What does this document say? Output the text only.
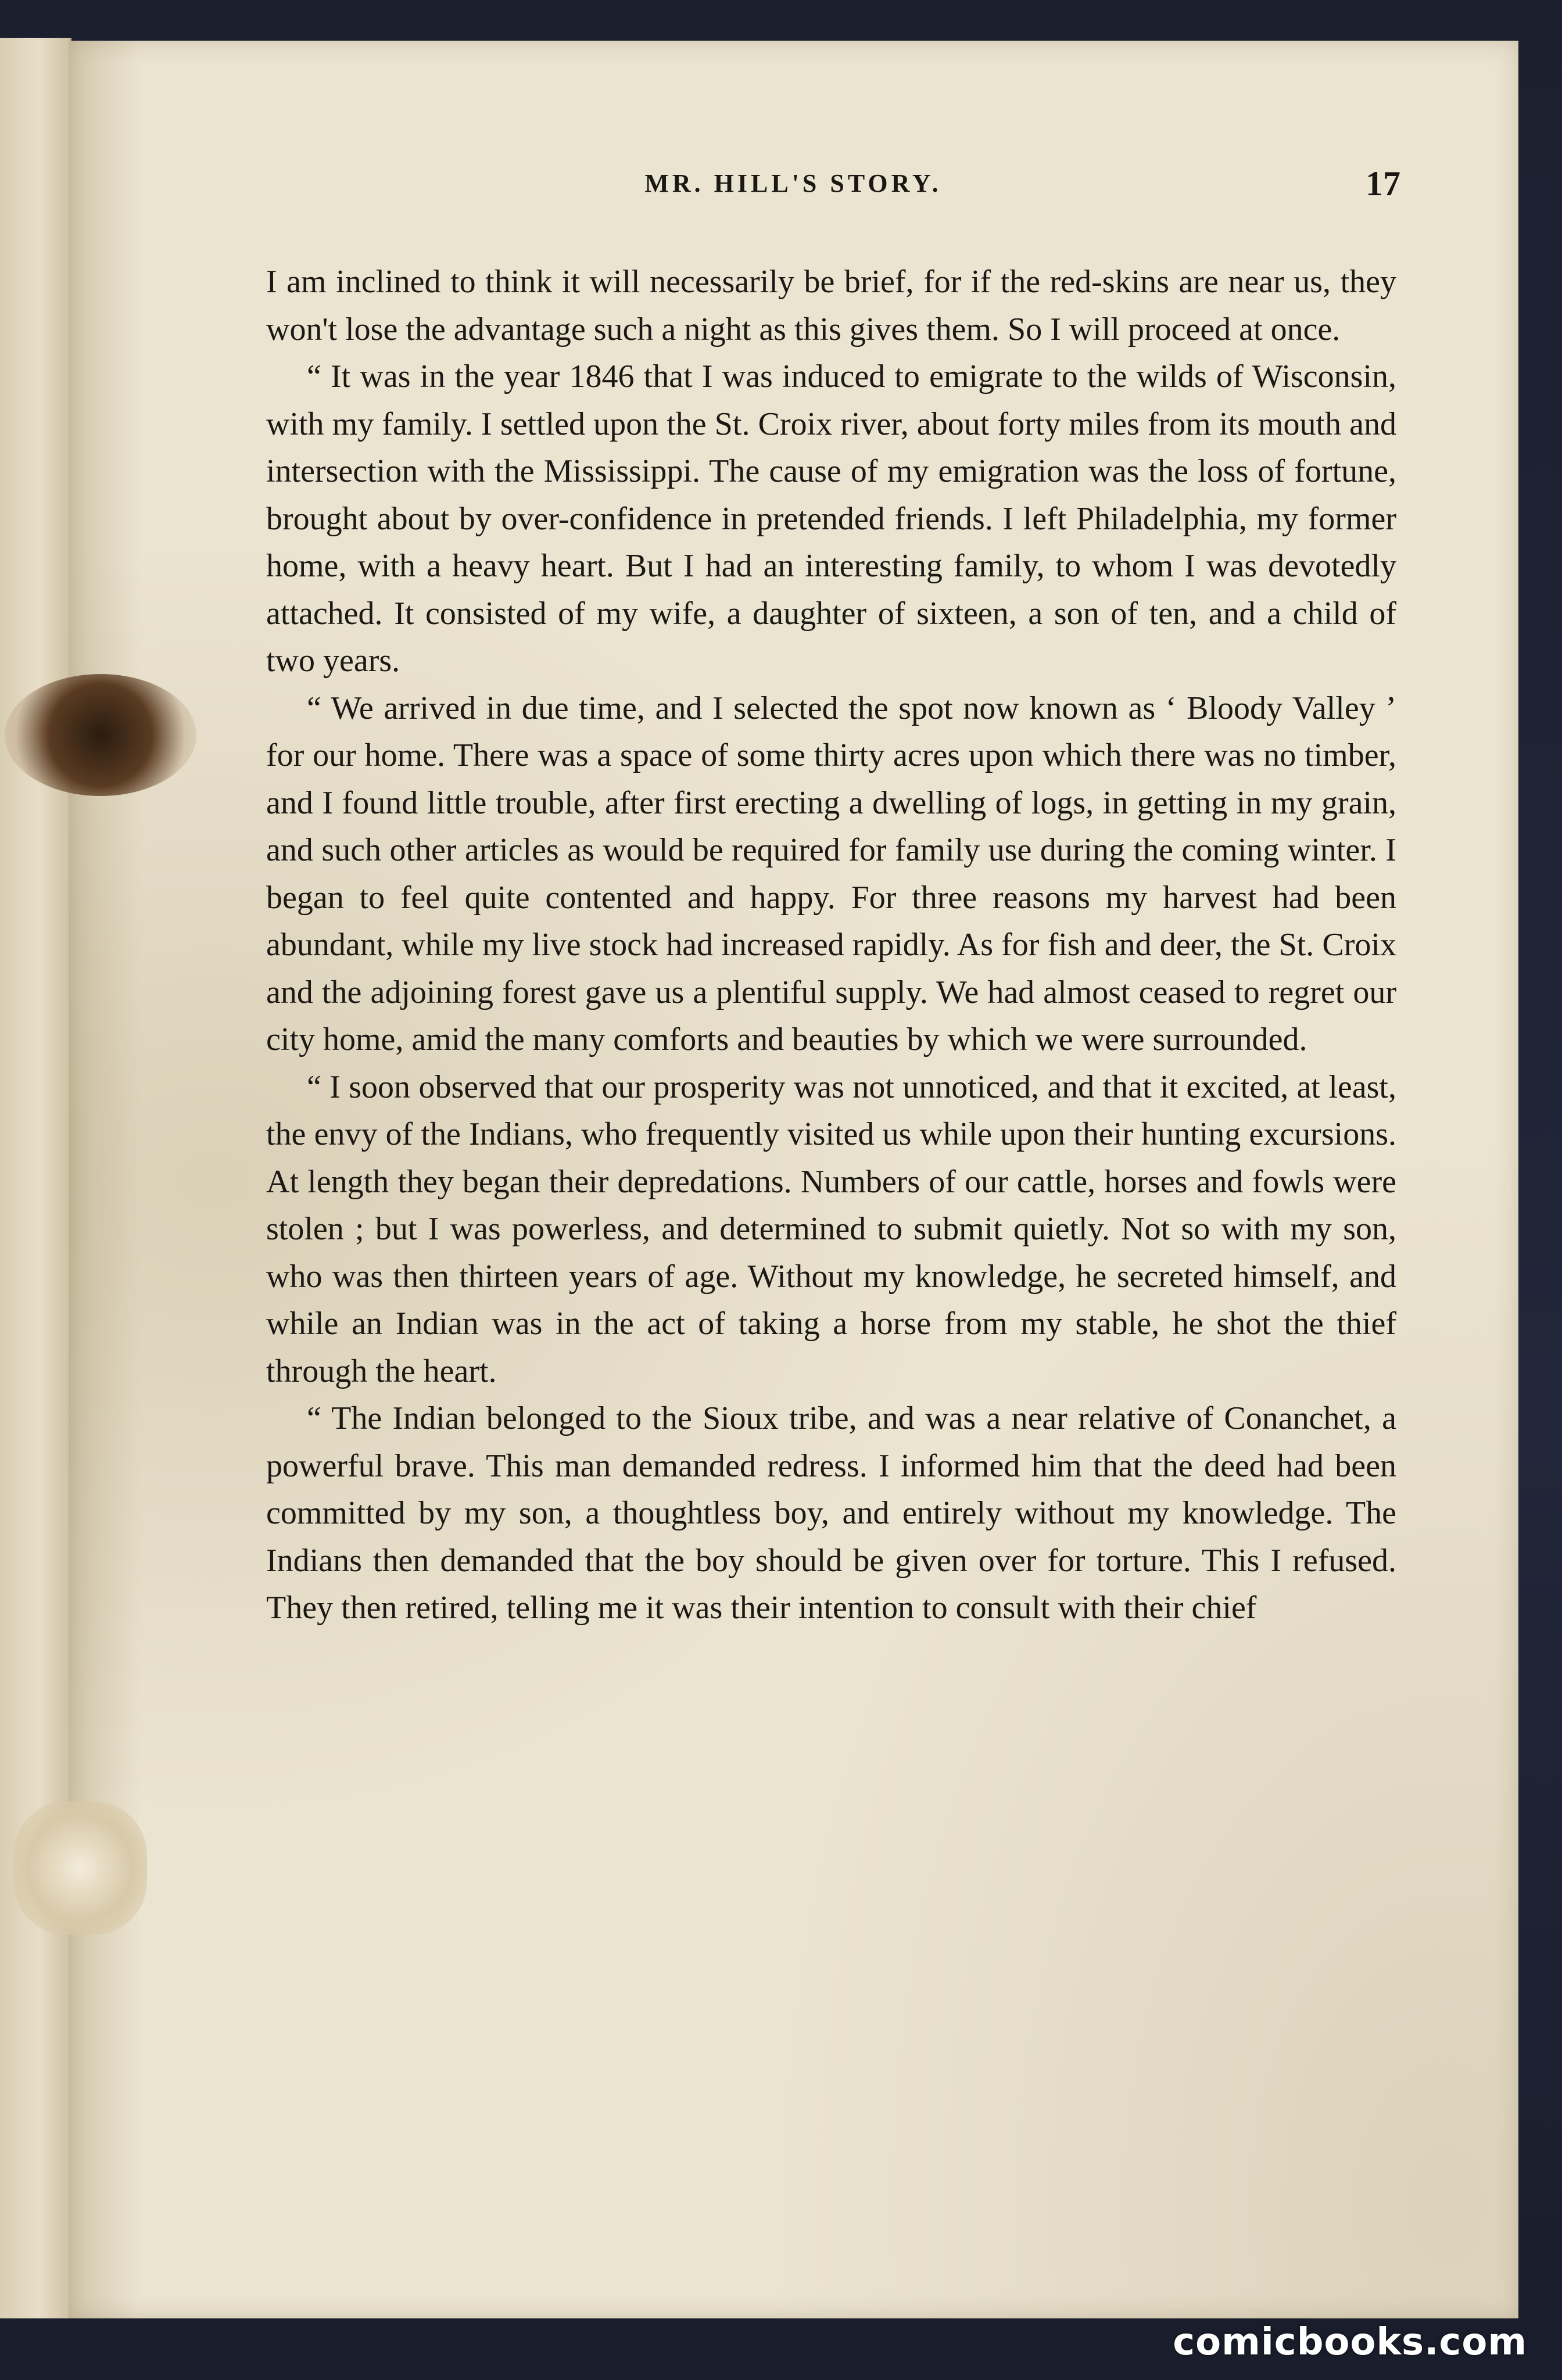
MR. HILL'S STORY.	17

I am inclined to think it will necessarily be brief, for if the red-skins are near us, they won't lose the advantage such a night as this gives them. So I will proceed at once.

“ It was in the year 1846 that I was induced to emigrate to the wilds of Wisconsin, with my family. I settled upon the St. Croix river, about forty miles from its mouth and intersection with the Mississippi. The cause of my emigration was the loss of fortune, brought about by over-confidence in pretended friends. I left Philadelphia, my former home, with a heavy heart. But I had an interesting family, to whom I was devotedly attached. It consisted of my wife, a daughter of sixteen, a son of ten, and a child of two years.

“ We arrived in due time, and I selected the spot now known as ‘ Bloody Valley ’ for our home. There was a space of some thirty acres upon which there was no timber, and I found little trouble, after first erecting a dwelling of logs, in getting in my grain, and such other articles as would be required for family use during the coming winter. I began to feel quite contented and happy. For three reasons my harvest had been abundant, while my live stock had increased rapidly. As for fish and deer, the St. Croix and the adjoining forest gave us a plentiful supply. We had almost ceased to regret our city home, amid the many comforts and beauties by which we were surrounded.

“ I soon observed that our prosperity was not unnoticed, and that it excited, at least, the envy of the Indians, who frequently visited us while upon their hunting excursions. At length they began their depredations. Numbers of our cattle, horses and fowls were stolen ; but I was powerless, and determined to submit quietly. Not so with my son, who was then thirteen years of age. Without my knowledge, he secreted himself, and while an Indian was in the act of taking a horse from my stable, he shot the thief through the heart.

“ The Indian belonged to the Sioux tribe, and was a near relative of Conanchet, a powerful brave. This man demanded redress. I informed him that the deed had been committed by my son, a thoughtless boy, and entirely without my knowledge. The Indians then demanded that the boy should be given over for torture. This I refused. They then retired, telling me it was their intention to consult with their chief

comicbooks.com
